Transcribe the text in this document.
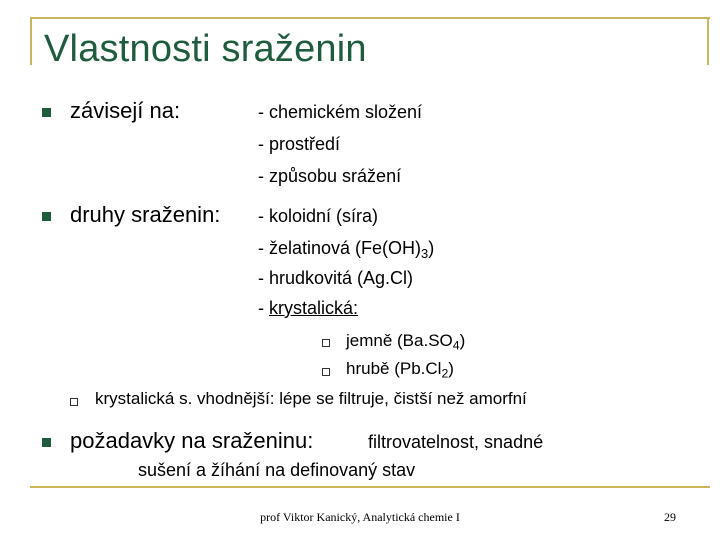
Vlastnosti sraženin
závisejí na:	- chemickém složení
- prostředí
- způsobu srážení
druhy sraženin: - koloidní (síra)
- želatinová $(Fe(OH)_3)$
- hrudkovitá (Ag.Cl)
- krystalická:
jemně $(Ba.SO_4)$
hrubě $(Pb.Cl_2)$
krystalická s. vhodnější: lépe se filtruje, čistší než amorfní
požadavky na sraženinu:	filtrovatelnost, snadné
sušení a žíhání na definovaný stav
prof Viktor Kanický, Analytická chemie I	29
